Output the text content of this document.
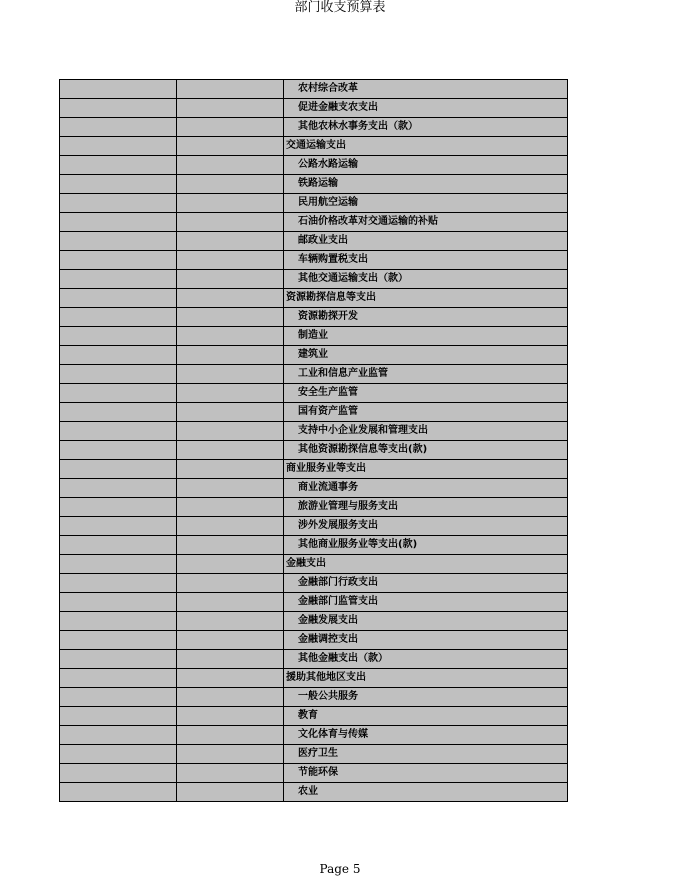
部门收支预算表
		农村综合改革
		促进金融支农支出
		其他农林水事务支出（款）
		交通运输支出
		公路水路运输
		铁路运输
		民用航空运输
		石油价格改革对交通运输的补贴
		邮政业支出
		车辆购置税支出
		其他交通运输支出（款）
		资源勘探信息等支出
		资源勘探开发
		制造业
		建筑业
		工业和信息产业监管
		安全生产监管
		国有资产监管
		支持中小企业发展和管理支出
		其他资源勘探信息等支出(款)
		商业服务业等支出
		商业流通事务
		旅游业管理与服务支出
		涉外发展服务支出
		其他商业服务业等支出(款)
		金融支出
		金融部门行政支出
		金融部门监管支出
		金融发展支出
		金融调控支出
		其他金融支出（款）
		援助其他地区支出
		一般公共服务
		教育
		文化体育与传媒
		医疗卫生
		节能环保
		农业
Page 5
